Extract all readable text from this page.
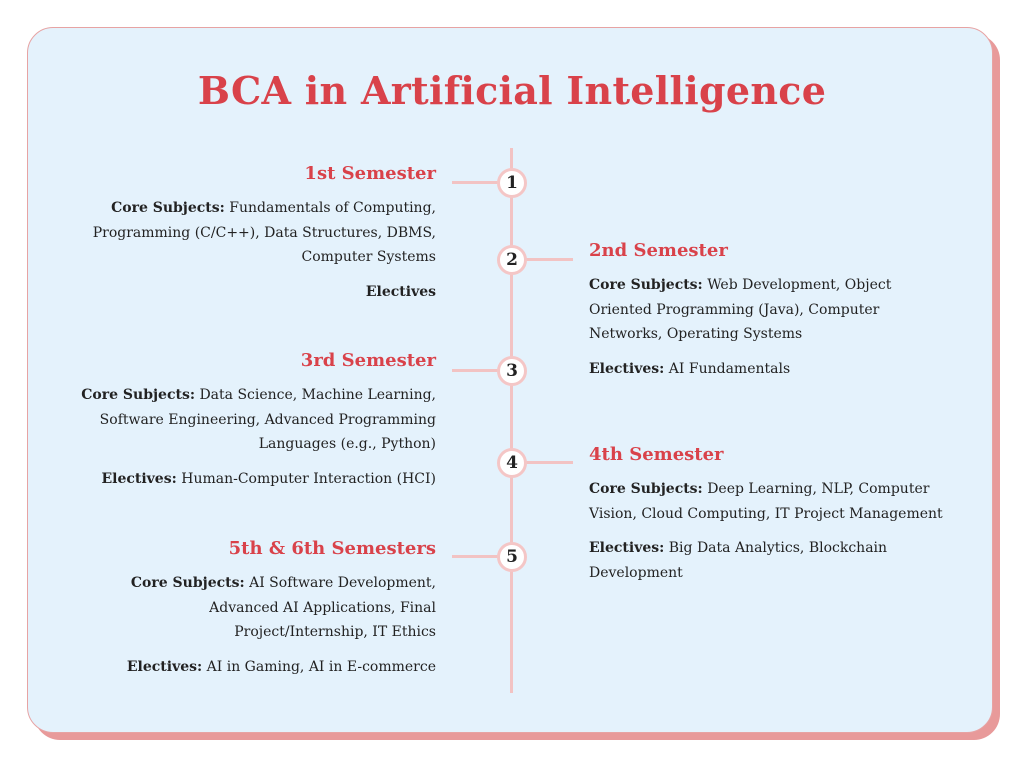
BCA in Artificial Intelligence
1
2
3
4
5
1st Semester

Core Subjects: Fundamentals of Computing, Programming (C/C++), Data Structures, DBMS, Computer Systems

Electives

2nd Semester

Core Subjects: Web Development, Object Oriented Programming (Java), Computer Networks, Operating Systems

Electives: AI Fundamentals

3rd Semester

Core Subjects: Data Science, Machine Learning, Software Engineering, Advanced Programming Languages (e.g., Python)

Electives: Human-Computer Interaction (HCI)

4th Semester

Core Subjects: Deep Learning, NLP, Computer Vision, Cloud Computing, IT Project Management

Electives: Big Data Analytics, Blockchain Development

5th & 6th Semesters

Core Subjects: AI Software Development, Advanced AI Applications, Final Project/Internship, IT Ethics

Electives: AI in Gaming, AI in E-commerce
